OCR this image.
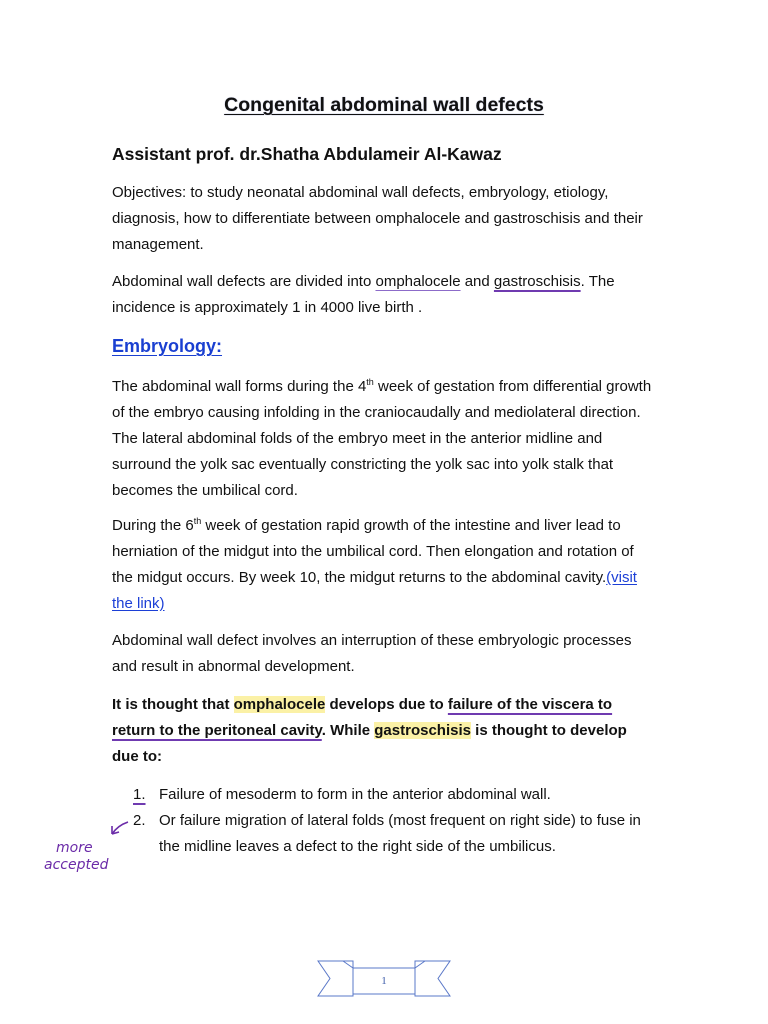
Congenital abdominal wall defects
Assistant prof. dr.Shatha Abdulameir Al-Kawaz

Objectives: to study neonatal abdominal wall defects, embryology, etiology, diagnosis, how to differentiate between omphalocele and gastroschisis and their management.

Abdominal wall defects are divided into omphalocele and gastroschisis. The incidence is approximately 1 in 4000 live birth .

Embryology:

The abdominal wall forms during the 4th week of gestation from differential growth of the embryo causing infolding in the craniocaudally and mediolateral direction. The lateral abdominal folds of the embryo meet in the anterior midline and surround the yolk sac eventually constricting the yolk sac into yolk stalk that becomes the umbilical cord.

During the 6th week of gestation rapid growth of the intestine and liver lead to herniation of the midgut into the umbilical cord. Then elongation and rotation of the midgut occurs. By week 10, the midgut returns to the abdominal cavity.(visit the link)

Abdominal wall defect involves an interruption of these embryologic processes and result in abnormal development.

It is thought that omphalocele develops due to failure of the viscera to return to the peritoneal cavity. While gastroschisis is thought to develop due to:

1. Failure of mesoderm to form in the anterior abdominal wall.
2. Or failure migration of lateral folds (most frequent on right side) to fuse in the midline leaves a defect to the right side of the umbilicus.
more
accepted
1
